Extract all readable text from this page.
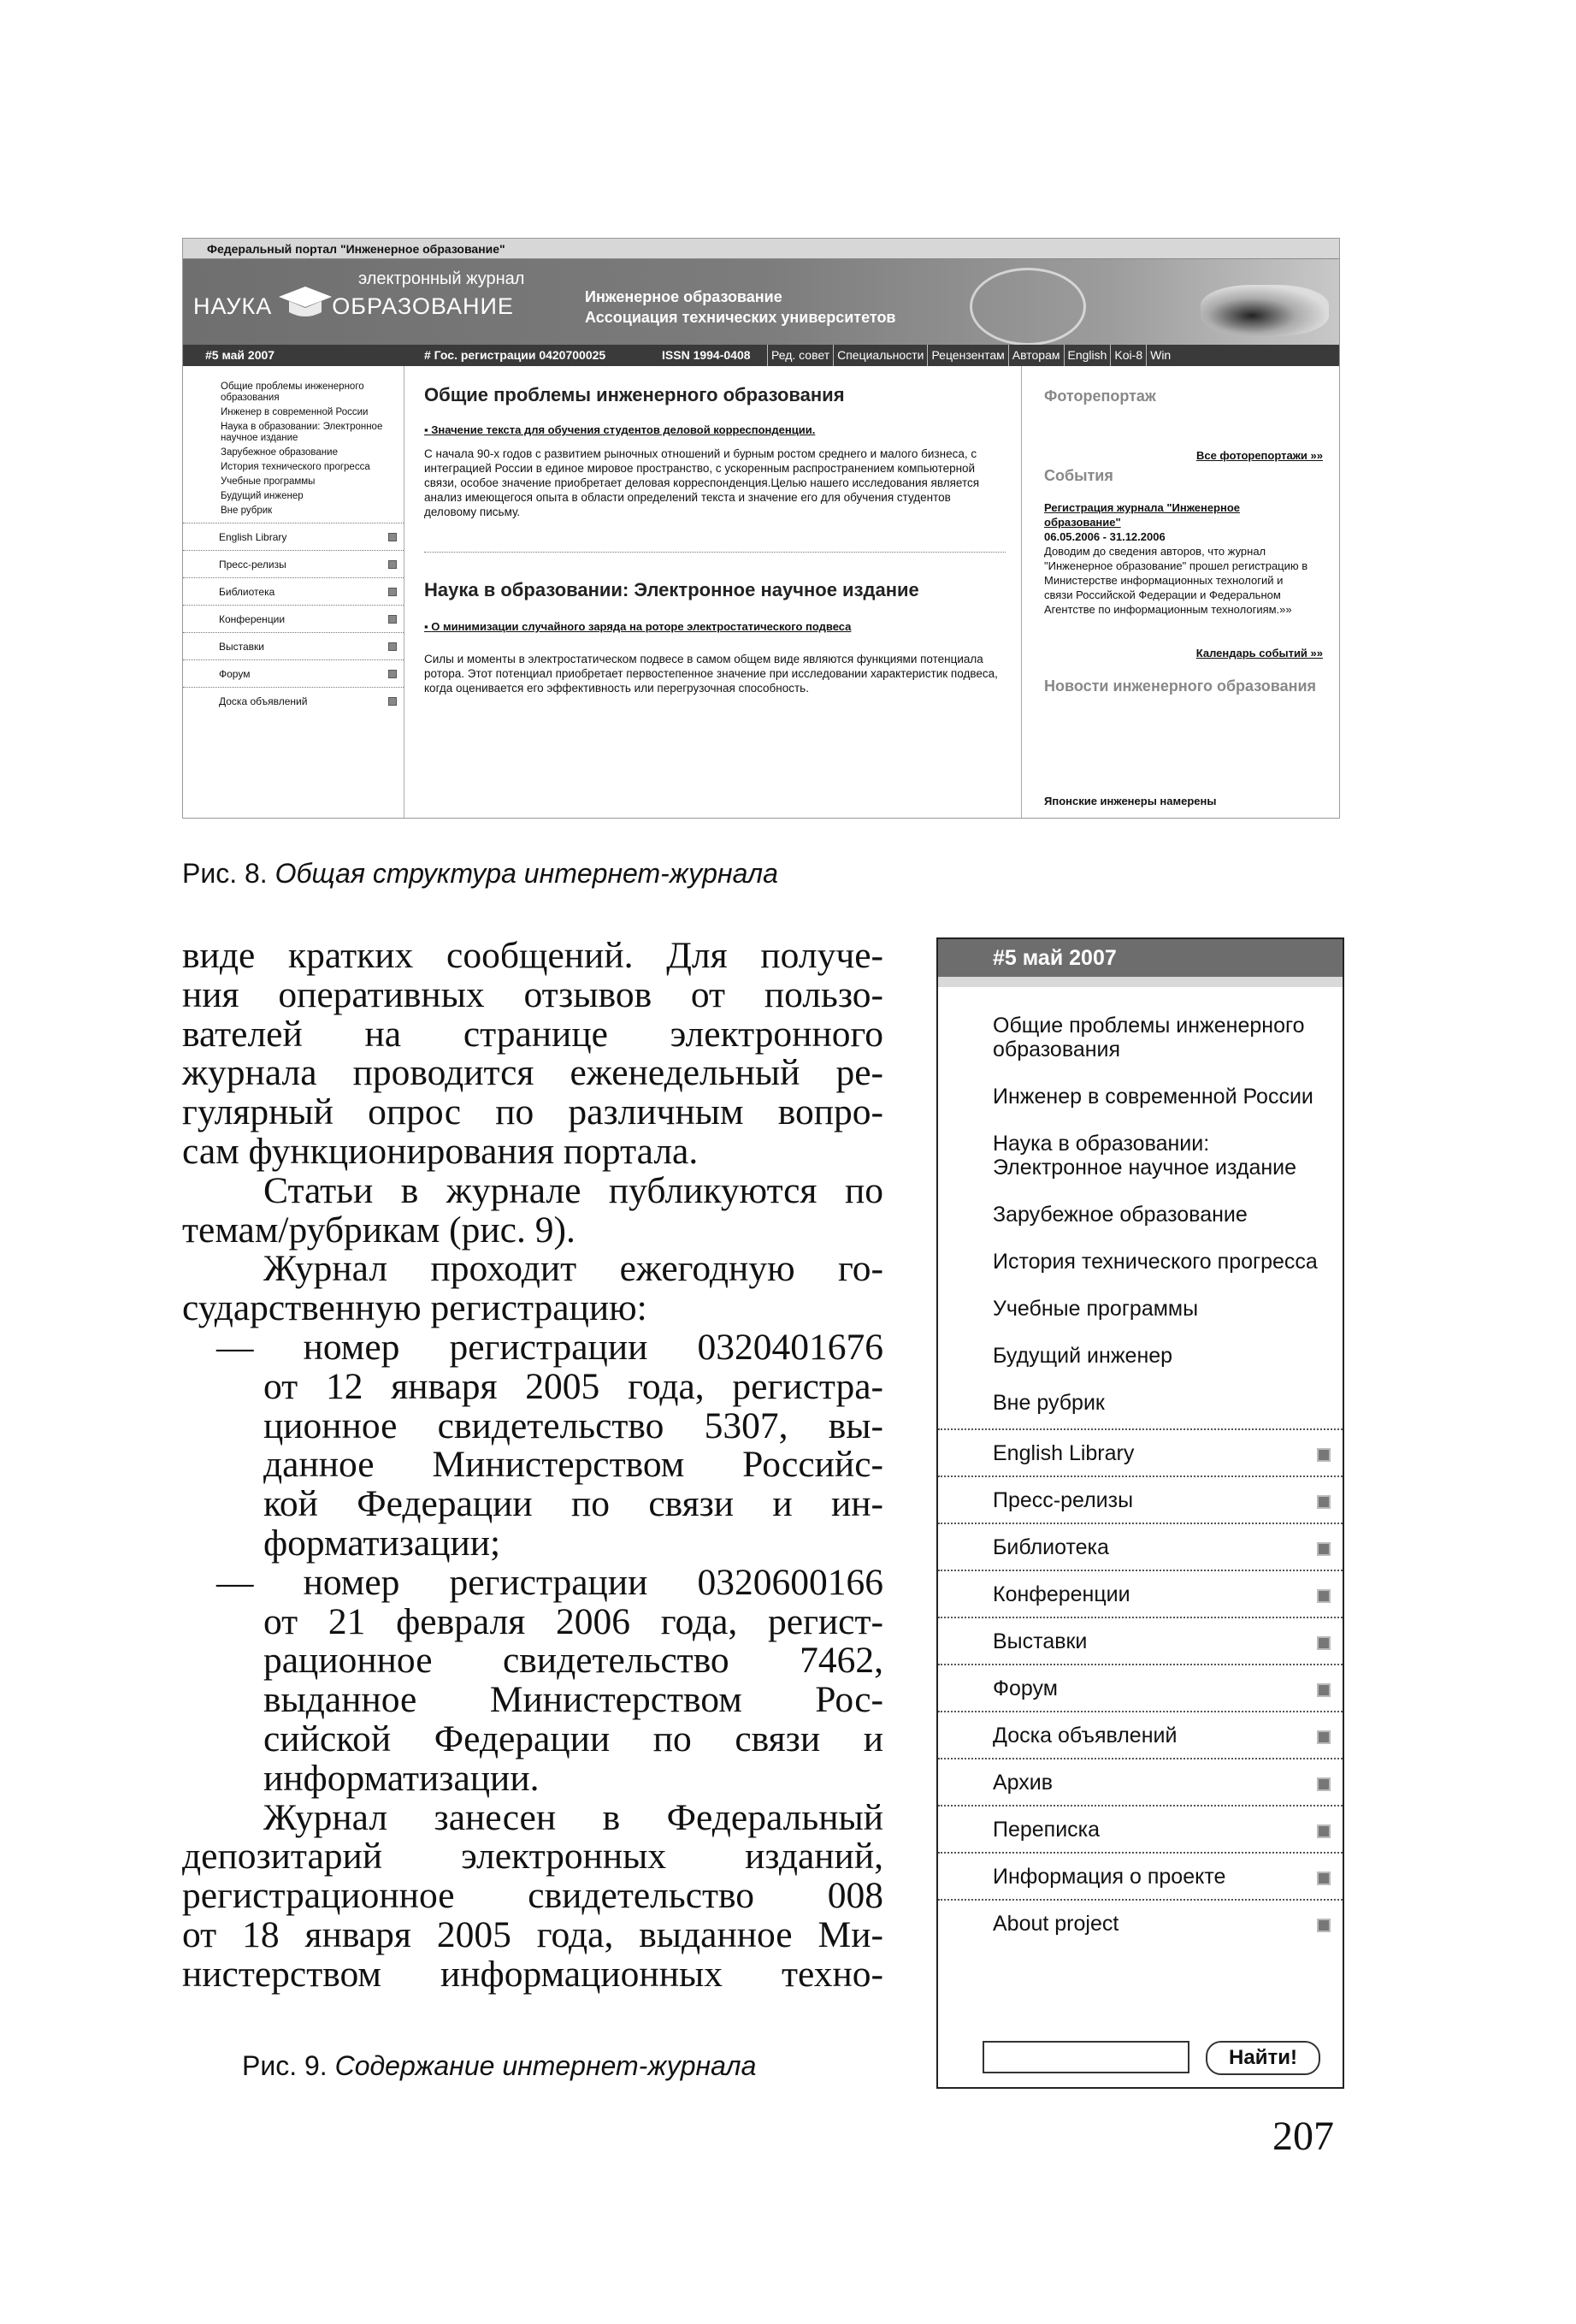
Федеральный портал "Инженерное образование"
электронный журнал
НАУКА	ОБРАЗОВАНИЕ	Инженерное образование
Ассоциация технических университетов
#5 май 2007	# Гос. регистрации 0420700025	ISSN 1994-0408	Ред. совет Специальности Рецензентам Авторам English Koi-8 Win
Общие проблемы инженерного образования
Инженер в современной России
Наука в образовании: Электронное научное издание
Зарубежное образование
История технического прогресса
Учебные программы
Будущий инженер
Вне рубрик
English Library
Пресс-релизы
Библиотека
Конференции
Выставки
Форум
Доска объявлений
Общие проблемы инженерного образования
▪ Значение текста для обучения студентов деловой корреспонденции.

С начала 90-х годов с развитием рыночных отношений и бурным ростом среднего и малого бизнеса, с интеграцией России в единое мировое пространство, с ускоренным распространением компьютерной связи, особое значение приобретает деловая корреспонденция.Целью нашего исследования является анализ имеющегося опыта в области определений текста и значение его для обучения студентов деловому письму.

Наука в образовании: Электронное научное издание
▪ О минимизации случайного заряда на роторе электростатического подвеса

Силы и моменты в электростатическом подвесе в самом общем виде являются функциями потенциала ротора. Этот потенциал приобретает первостепенное значение при исследовании характеристик подвеса, когда оценивается его эффективность или перегрузочная способность.

Фоторепортаж
Все фоторепортажи »»
События
Регистрация журнала "Инженерное образование"
06.05.2006 - 31.12.2006
Доводим до сведения авторов, что журнал "Инженерное образование" прошел регистрацию в Министерстве информационных технологий и связи Российской Федерации и Федеральном Агентстве по информационным технологиям.»»
Календарь событий »»
Новости инженерного образования
Японские инженеры намерены
Рис. 8. Общая структура интернет-журнала
виде кратких сообщений. Для получе-
ния оперативных отзывов от пользо-
вателей на странице электронного
журнала проводится еженедельный ре-
гулярный опрос по различным вопро-
сам функционирования портала.
Статьи в журнале публикуются по
темам/рубрикам (рис. 9).
Журнал проходит ежегодную го-
сударственную регистрацию:
— номер регистрации 0320401676
от 12 января 2005 года, регистра-
ционное свидетельство 5307, вы-
данное Министерством Российс-
кой Федерации по связи и ин-
форматизации;
— номер регистрации 0320600166
от 21 февраля 2006 года, регист-
рационное свидетельство 7462,
выданное Министерством Рос-
сийской Федерации по связи и
информатизации.
Журнал занесен в Федеральный
депозитарий электронных изданий,
регистрационное свидетельство 008
от 18 января 2005 года, выданное Ми-
нистерством информационных техно-
Рис. 9. Содержание интернет-журнала
#5 май 2007
Общие проблемы инженерного образования
Инженер в современной России
Наука в образовании: Электронное научное издание
Зарубежное образование
История технического прогресса
Учебные программы
Будущий инженер
Вне рубрик
English Library
Пресс-релизы
Библиотека
Конференции
Выставки
Форум
Доска объявлений
Архив
Переписка
Информация о проекте
About project
Найти!
207
